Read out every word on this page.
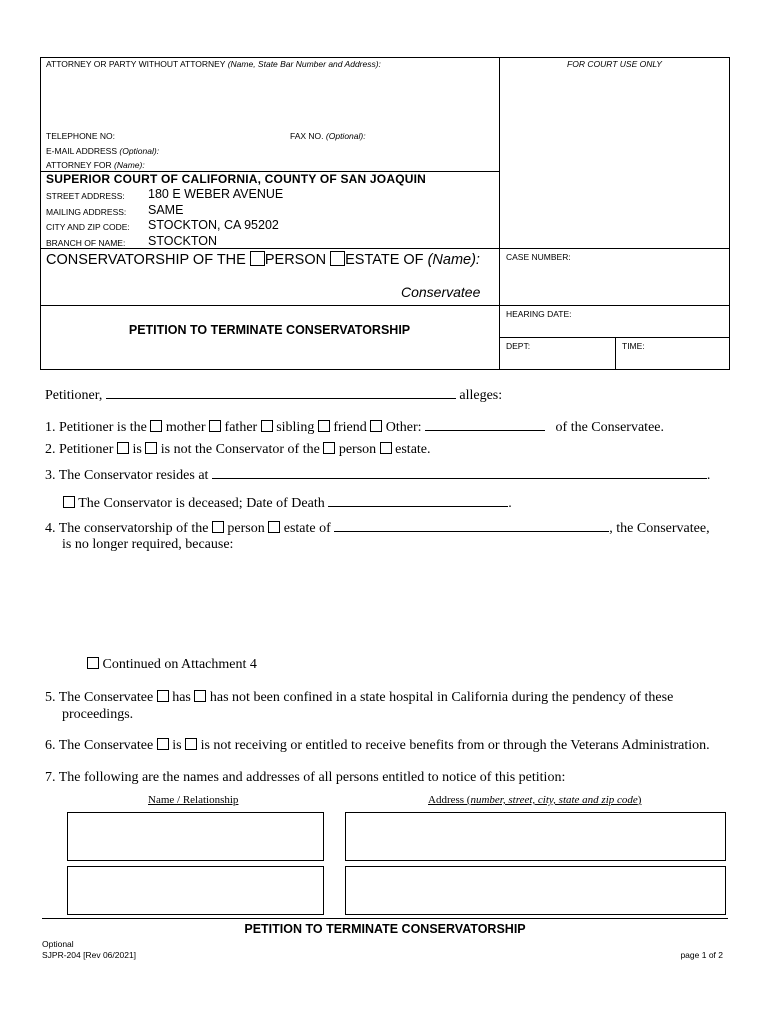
ATTORNEY OR PARTY WITHOUT ATTORNEY (Name, State Bar Number and Address):	FOR COURT USE ONLY
TELEPHONE NO:	FAX NO. (Optional):
E-MAIL ADDRESS (Optional):
ATTORNEY FOR (Name):
SUPERIOR COURT OF CALIFORNIA, COUNTY OF SAN JOAQUIN
STREET ADDRESS: 180 E WEBER AVENUE
MAILING ADDRESS: SAME
CITY AND ZIP CODE: STOCKTON, CA 95202
BRANCH OF NAME: STOCKTON
CONSERVATORSHIP OF THE PERSON ESTATE OF (Name):
Conservatee
CASE NUMBER:
HEARING DATE:
DEPT:	TIME:
PETITION TO TERMINATE CONSERVATORSHIP
Petitioner,	alleges:
1. Petitioner is the mother father sibling friend Other:	of the Conservatee.
2. Petitioner is is not the Conservator of the person estate.
3. The Conservator resides at	.
The Conservator is deceased; Date of Death	.
4. The conservatorship of the person estate of	, the Conservatee,
is no longer required, because:
Continued on Attachment 4
5. The Conservatee has has not been confined in a state hospital in California during the pendency of these
proceedings.
6. The Conservatee is is not receiving or entitled to receive benefits from or through the Veterans Administration.
7. The following are the names and addresses of all persons entitled to notice of this petition:
Name / Relationship	Address (number, street, city, state and zip code)
PETITION TO TERMINATE CONSERVATORSHIP
Optional
SJPR-204 [Rev 06/2021]	page 1 of 2
